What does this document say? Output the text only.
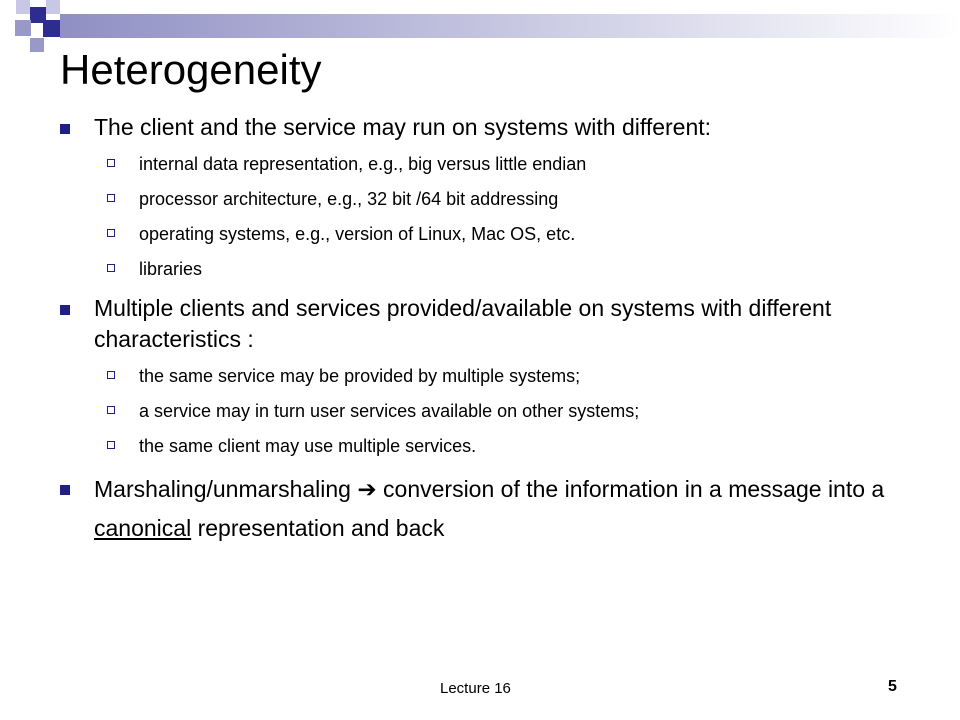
Heterogeneity
The client and the service may run on systems with different:
internal data representation, e.g., big versus little endian
processor architecture, e.g., 32 bit /64 bit addressing
operating systems, e.g., version of Linux, Mac OS, etc.
libraries
Multiple clients and services provided/available on systems with different characteristics :
the same service may be provided by multiple systems;
a service may in turn user services available on other systems;
the same client may use multiple services.
Marshaling/unmarshaling ➔ conversion of the information in a message into a canonical representation and back
Lecture 16	5
